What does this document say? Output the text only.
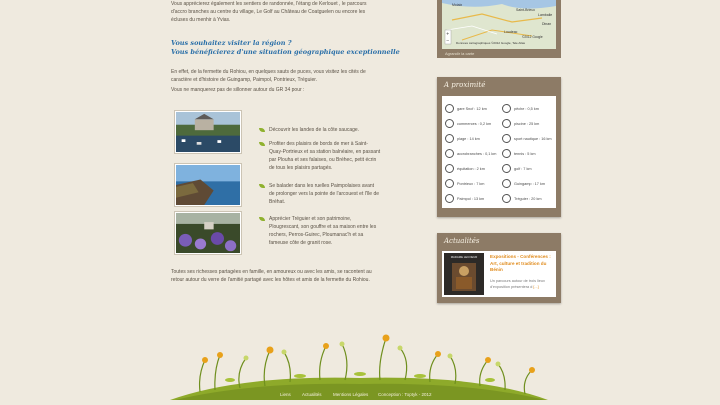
Vous apprécierez également les sentiers de randonnée, l'étang de Kerlouet , le parcours
d'accro branches au centre du village, Le Golf au Château de Coatguelen ou encore les
écluses du menhir à Yvias.
Vous souhaitez visiter la région ?
Vous bénéficierez d'une situation géographique exceptionnelle
En effet, de la fermette du Rohiou, en quelques sauts de puces, vous visitez les cités de
caractère et d'histoire de Guingamp, Paimpol, Pontrieux, Tréguier.
Vous ne manquerez pas de sillonner autour du GR 34 pour :
Découvrir les landes de la côte saucage.
Profiter des plaisirs de bords de mer à Saint-
Quay-Portrieux et sa station balnéaire, en passant
par Plouha et ses falaises, ou Bréhec, petit écrin
de tous les plaisirs partagés.
Se balader dans les ruelles Paimpolaises avant
de prolonger vers la pointe de l'arcouest et l'île de
Bréhat.
Apprécier Tréguier et son patrimoine,
Plougrescant, son gouffre et sa maison entre les
rochers, Perros-Guirec, Ploumanac'h et sa
fameuse côte de granit rose.
Toutes ses richesses partagées en famille, en amoureux ou avec les amis, se racontent au
retour autour du verre de l'amitié partagé avec les hôtes et amis de la fermette du Rohiou.
+
−
Moiaix
Saint-Brieuc
Lamballe
Dinan
Loudeac
©2012 Google
Données cartographiques ©2012 Google, Tele Atlas
Agrandir la carte
A proximité
gare Sncf : 12 km	pêche : 0,5 km
commerces : 0,2 km	piscine : 25 km
plage : 14 km	sport nautique : 16 km
accrobranches : 0,1 km	tennis : 5 km
équitation : 2 km	golf : 7 km
Pontrieux : 7 km	Guingamp : 17 km
Paimpol : 13 km	Tréguier : 20 km
Actualités
MADAME LECOEUR	Expositions - Conférences : Art, culture et tradition du Bénin
Un parcours autour de trois lieux d'exposition présentera d [...]
Liens Actualités	Mentions Légales Conception : Toptyk - 2012
